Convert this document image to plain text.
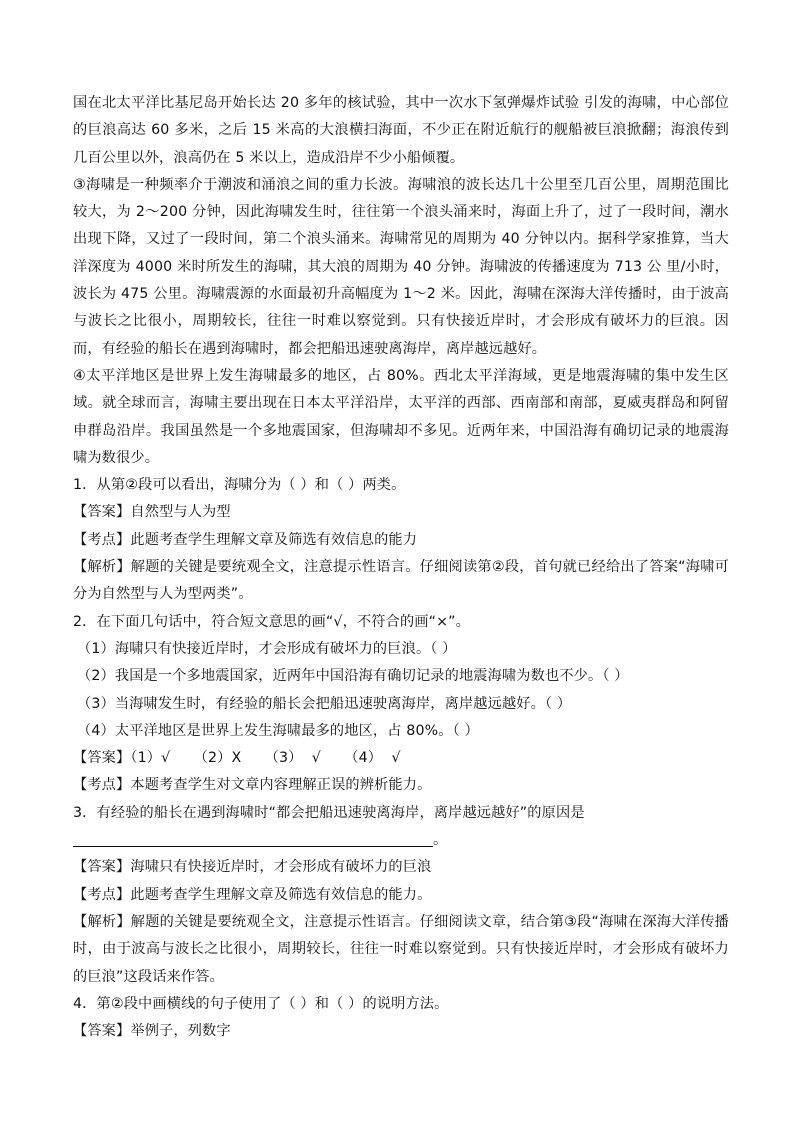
国在北太平洋比基尼岛开始长达 20 多年的核试验，其中一次水下氢弹爆炸试验 引发的海啸，中心部位的巨浪高达 60 多米，之后 15 米高的大浪横扫海面，不少正在附近航行的舰船被巨浪掀翻；海浪传到几百公里以外，浪高仍在 5 米以上，造成沿岸不少小船倾覆。

③海啸是一种频率介于潮波和涌浪之间的重力长波。海啸浪的波长达几十公里至几百公里，周期范围比较大，为 2～200 分钟，因此海啸发生时，往往第一个浪头涌来时，海面上升了，过了一段时间，潮水出现下降，又过了一段时间，第二个浪头涌来。海啸常见的周期为 40 分钟以内。据科学家推算，当大洋深度为 4000 米时所发生的海啸，其大浪的周期为 40 分钟。海啸波的传播速度为 713 公 里/小时，波长为 475 公里。海啸震源的水面最初升高幅度为 1～2 米。因此，海啸在深海大洋传播时，由于波高与波长之比很小，周期较长，往往一时难以察觉到。只有快接近岸时，才会形成有破坏力的巨浪。因而，有经验的船长在遇到海啸时，都会把船迅速驶离海岸，离岸越远越好。

④太平洋地区是世界上发生海啸最多的地区，占 80%。西北太平洋海域，更是地震海啸的集中发生区域。就全球而言，海啸主要出现在日本太平洋沿岸，太平洋的西部、西南部和南部，夏威夷群岛和阿留申群岛沿岸。我国虽然是一个多地震国家，但海啸却不多见。近两年来，中国沿海有确切记录的地震海啸为数很少。

1．从第②段可以看出，海啸分为（ ）和（ ）两类。

【答案】自然型与人为型

【考点】此题考查学生理解文章及筛选有效信息的能力

【解析】解题的关键是要统观全文，注意提示性语言。仔细阅读第②段，首句就已经给出了答案“海啸可分为自然型与人为型两类”。

2．在下面几句话中，符合短文意思的画“√，不符合的画“×”。

（1）海啸只有快接近岸时，才会形成有破坏力的巨浪。（ ）

（2）我国是一个多地震国家，近两年中国沿海有确切记录的地震海啸为数也不少。（ ）

（3）当海啸发生时，有经验的船长会把船迅速驶离海岸，离岸越远越好。（ ）

（4）太平洋地区是世界上发生海啸最多的地区，占 80%。（ ）

【答案】（1）√     （2）X     （3）  √     （4）  √

【考点】本题考查学生对文章内容理解正误的辨析能力。

3．有经验的船长在遇到海啸时“都会把船迅速驶离海岸，离岸越远越好”的原因是

。

【答案】海啸只有快接近岸时，才会形成有破坏力的巨浪

【考点】此题考查学生理解文章及筛选有效信息的能力。

【解析】解题的关键是要统观全文，注意提示性语言。仔细阅读文章，结合第③段“海啸在深海大洋传播时，由于波高与波长之比很小，周期较长，往往一时难以察觉到。只有快接近岸时，才会形成有破坏力的巨浪”这段话来作答。

4．第②段中画横线的句子使用了（ ）和（ ）的说明方法。

【答案】举例子，列数字
